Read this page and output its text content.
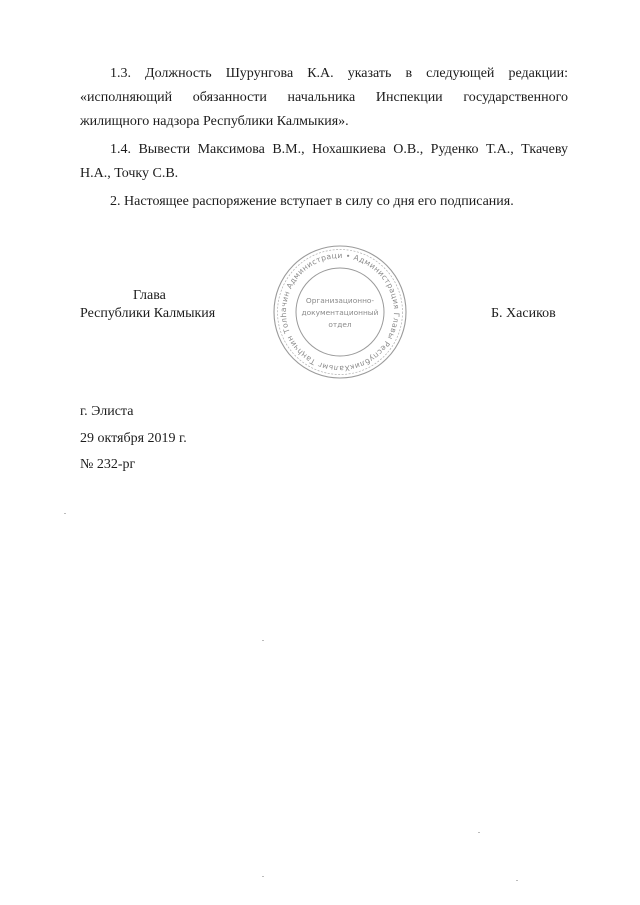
1.3. Должность Шурунгова К.А. указать в следующей редакции: «исполняющий обязанности начальника Инспекции государственного жилищного надзора Республики Калмыкия».

1.4. Вывести Максимова В.М., Нохашкиева О.В., Руденко Т.А., Ткачеву Н.А., Точку С.В.

2. Настоящее распоряжение вступает в силу со дня его подписания.

Глава
Республики Калмыкия	Б. Хасиков
Хальмг Таңһчин Толһачин Администраци • Администрация Главы Республики
Организационно-
документационный
отдел
г. Элиста
29 октября 2019 г.
№ 232-рг
